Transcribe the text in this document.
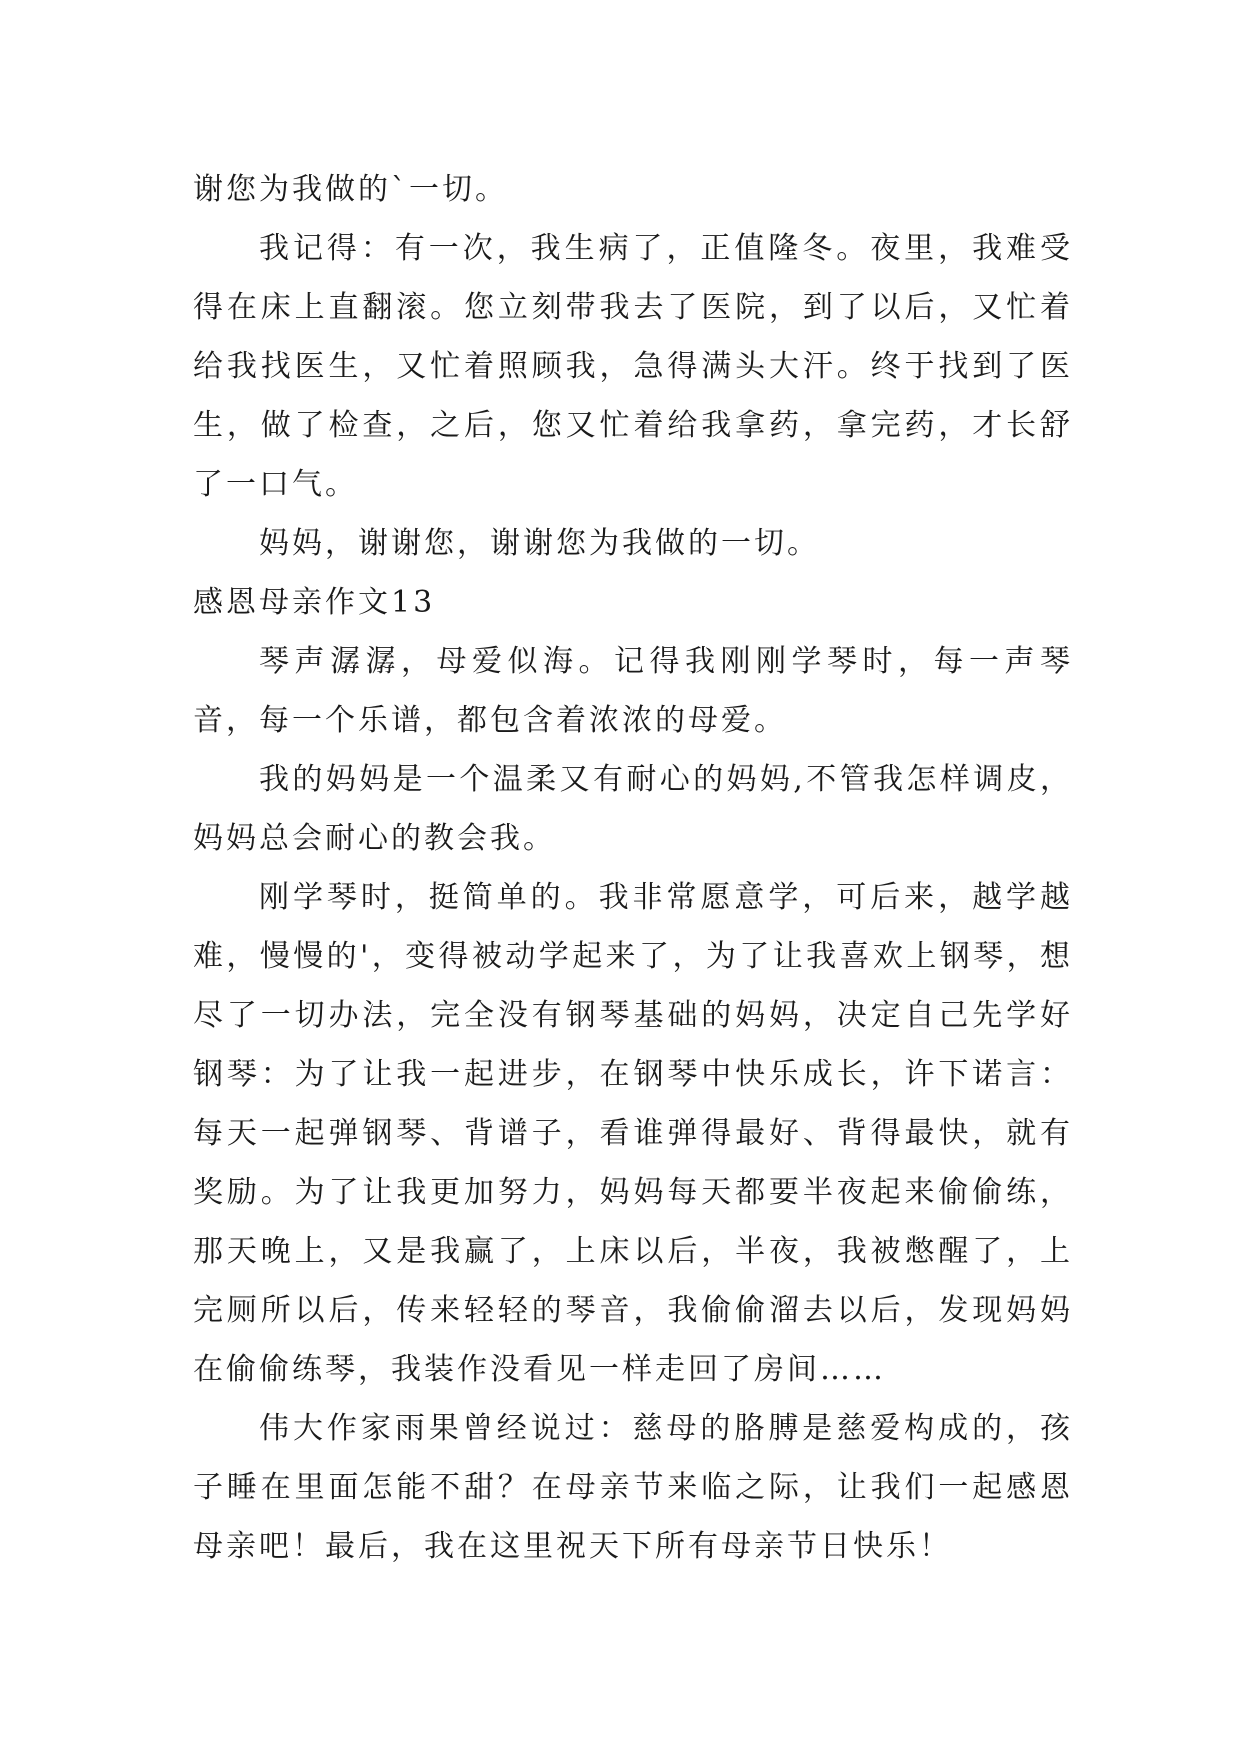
谢您为我做的`一切。

我记得：有一次，我生病了，正值隆冬。夜里，我难受得在床上直翻滚。您立刻带我去了医院，到了以后，又忙着给我找医生，又忙着照顾我，急得满头大汗。终于找到了医生，做了检查，之后，您又忙着给我拿药，拿完药，才长舒了一口气。

妈妈，谢谢您，谢谢您为我做的一切。

感恩母亲作文13

琴声潺潺，母爱似海。记得我刚刚学琴时，每一声琴音，每一个乐谱，都包含着浓浓的母爱。

我的妈妈是一个温柔又有耐心的妈妈,不管我怎样调皮，妈妈总会耐心的教会我。

刚学琴时，挺简单的。我非常愿意学，可后来，越学越难，慢慢的'，变得被动学起来了，为了让我喜欢上钢琴，想尽了一切办法，完全没有钢琴基础的妈妈，决定自己先学好钢琴：为了让我一起进步，在钢琴中快乐成长，许下诺言：每天一起弹钢琴、背谱子，看谁弹得最好、背得最快，就有奖励。为了让我更加努力，妈妈每天都要半夜起来偷偷练，那天晚上，又是我赢了，上床以后，半夜，我被憋醒了，上完厕所以后，传来轻轻的琴音，我偷偷溜去以后，发现妈妈在偷偷练琴，我装作没看见一样走回了房间……

伟大作家雨果曾经说过：慈母的胳膊是慈爱构成的，孩子睡在里面怎能不甜？在母亲节来临之际，让我们一起感恩母亲吧！最后，我在这里祝天下所有母亲节日快乐！
